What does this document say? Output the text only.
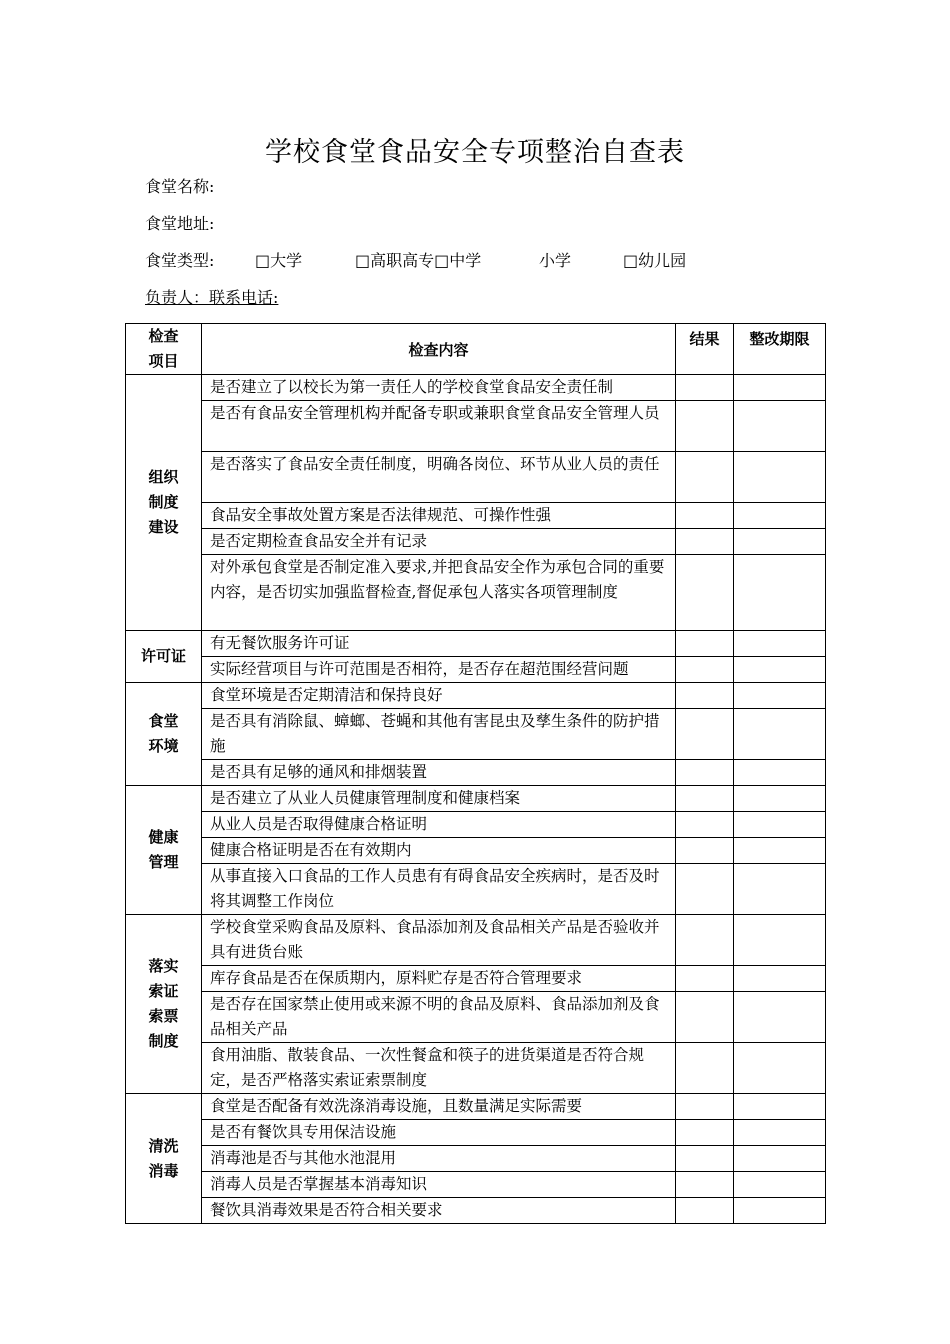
学校食堂食品安全专项整治自查表
食堂名称:
食堂地址:
食堂类型:	□大学	□高职高专□中学	小学	□幼儿园
负责人：联系电话:
检查项目	检查内容	结果	整改期限
组织制度建设	是否建立了以校长为第一责任人的学校食堂食品安全责任制		
	是否有食品安全管理机构并配备专职或兼职食堂食品安全管理人员		
	是否落实了食品安全责任制度，明确各岗位、环节从业人员的责任		
	食品安全事故处置方案是否法律规范、可操作性强		
	是否定期检查食品安全并有记录		
	对外承包食堂是否制定准入要求,并把食品安全作为承包合同的重要内容，是否切实加强监督检查,督促承包人落实各项管理制度		
许可证	有无餐饮服务许可证		
	实际经营项目与许可范围是否相符，是否存在超范围经营问题		
食堂环境	食堂环境是否定期清洁和保持良好		
	是否具有消除鼠、蟑螂、苍蝇和其他有害昆虫及孳生条件的防护措施		
	是否具有足够的通风和排烟装置		
健康管理	是否建立了从业人员健康管理制度和健康档案		
	从业人员是否取得健康合格证明		
	健康合格证明是否在有效期内		
	从事直接入口食品的工作人员患有有碍食品安全疾病时，是否及时将其调整工作岗位		
落实索证索票制度	学校食堂采购食品及原料、食品添加剂及食品相关产品是否验收并具有进货台账		
	库存食品是否在保质期内，原料贮存是否符合管理要求		
	是否存在国家禁止使用或来源不明的食品及原料、食品添加剂及食品相关产品		
	食用油脂、散装食品、一次性餐盒和筷子的进货渠道是否符合规定，是否严格落实索证索票制度		
清洗消毒	食堂是否配备有效洗涤消毒设施，且数量满足实际需要		
	是否有餐饮具专用保洁设施		
	消毒池是否与其他水池混用		
	消毒人员是否掌握基本消毒知识		
	餐饮具消毒效果是否符合相关要求		
